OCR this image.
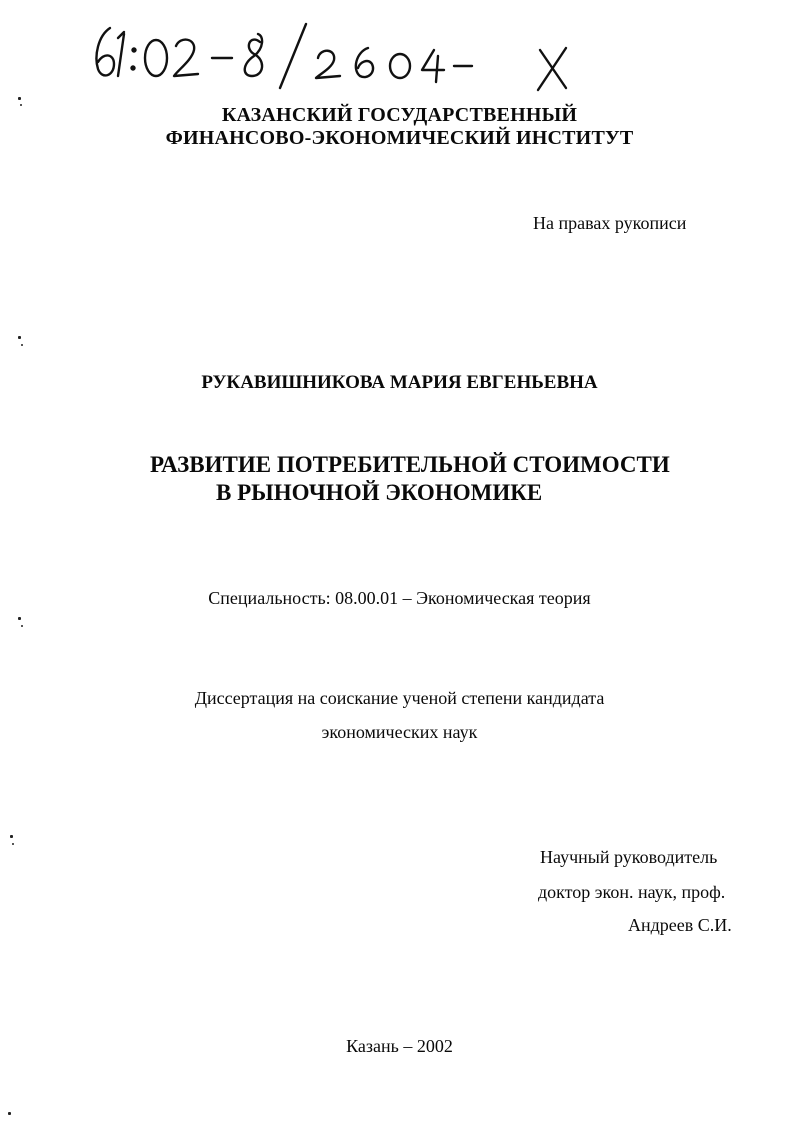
КАЗАНСКИЙ ГОСУДАРСТВЕННЫЙ
ФИНАНСОВО-ЭКОНОМИЧЕСКИЙ ИНСТИТУТ
На правах рукописи
РУКАВИШНИКОВА МАРИЯ ЕВГЕНЬЕВНА
РАЗВИТИЕ ПОТРЕБИТЕЛЬНОЙ СТОИМОСТИ
В РЫНОЧНОЙ ЭКОНОМИКЕ
Специальность: 08.00.01 – Экономическая теория
Диссертация на соискание ученой степени кандидата
экономических наук
Научный руководитель
доктор экон. наук, проф.
Андреев С.И.
Казань – 2002
